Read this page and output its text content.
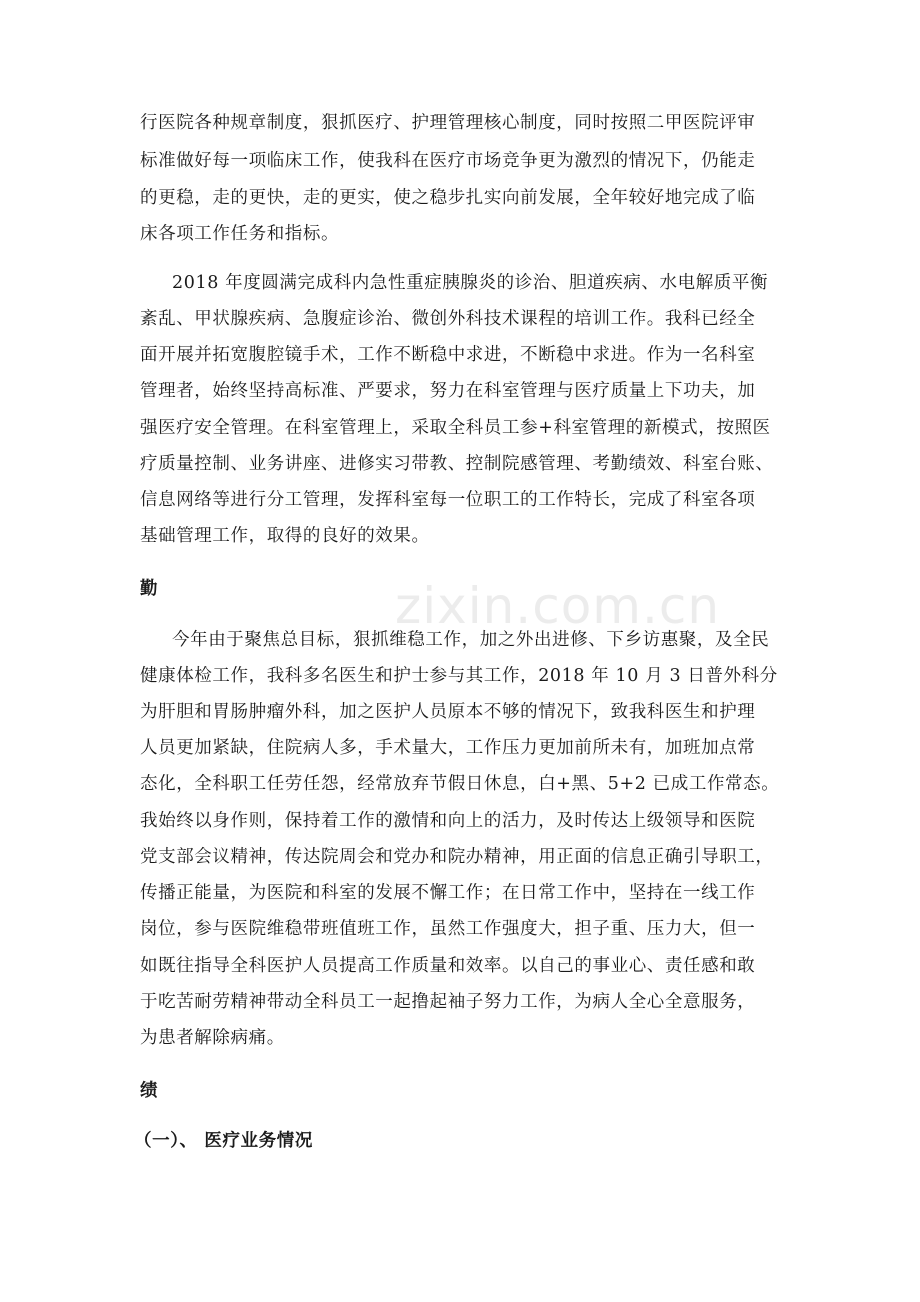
zixin.com.cn
行医院各种规章制度，狠抓医疗、护理管理核心制度，同时按照二甲医院评审
标准做好每一项临床工作，使我科在医疗市场竞争更为激烈的情况下，仍能走
的更稳，走的更快，走的更实，使之稳步扎实向前发展，全年较好地完成了临
床各项工作任务和指标。
2018 年度圆满完成科内急性重症胰腺炎的诊治、胆道疾病、水电解质平衡
紊乱、甲状腺疾病、急腹症诊治、微创外科技术课程的培训工作。我科已经全
面开展并拓宽腹腔镜手术，工作不断稳中求进，不断稳中求进。作为一名科室
管理者，始终坚持高标准、严要求，努力在科室管理与医疗质量上下功夫，加
强医疗安全管理。在科室管理上，采取全科员工参+科室管理的新模式，按照医
疗质量控制、业务讲座、进修实习带教、控制院感管理、考勤绩效、科室台账、
信息网络等进行分工管理，发挥科室每一位职工的工作特长，完成了科室各项
基础管理工作，取得的良好的效果。
勤
今年由于聚焦总目标，狠抓维稳工作，加之外出进修、下乡访惠聚，及全民
健康体检工作，我科多名医生和护士参与其工作，2018 年 10 月 3 日普外科分
为肝胆和胃肠肿瘤外科，加之医护人员原本不够的情况下，致我科医生和护理
人员更加紧缺，住院病人多，手术量大，工作压力更加前所未有，加班加点常
态化，全科职工任劳任怨，经常放弃节假日休息，白+黑、5+2 已成工作常态。
我始终以身作则，保持着工作的激情和向上的活力，及时传达上级领导和医院
党支部会议精神，传达院周会和党办和院办精神，用正面的信息正确引导职工，
传播正能量，为医院和科室的发展不懈工作；在日常工作中，坚持在一线工作
岗位，参与医院维稳带班值班工作，虽然工作强度大，担子重、压力大，但一
如既往指导全科医护人员提高工作质量和效率。以自己的事业心、责任感和敢
于吃苦耐劳精神带动全科员工一起撸起袖子努力工作，为病人全心全意服务，
为患者解除病痛。
绩
（一）、 医疗业务情况
